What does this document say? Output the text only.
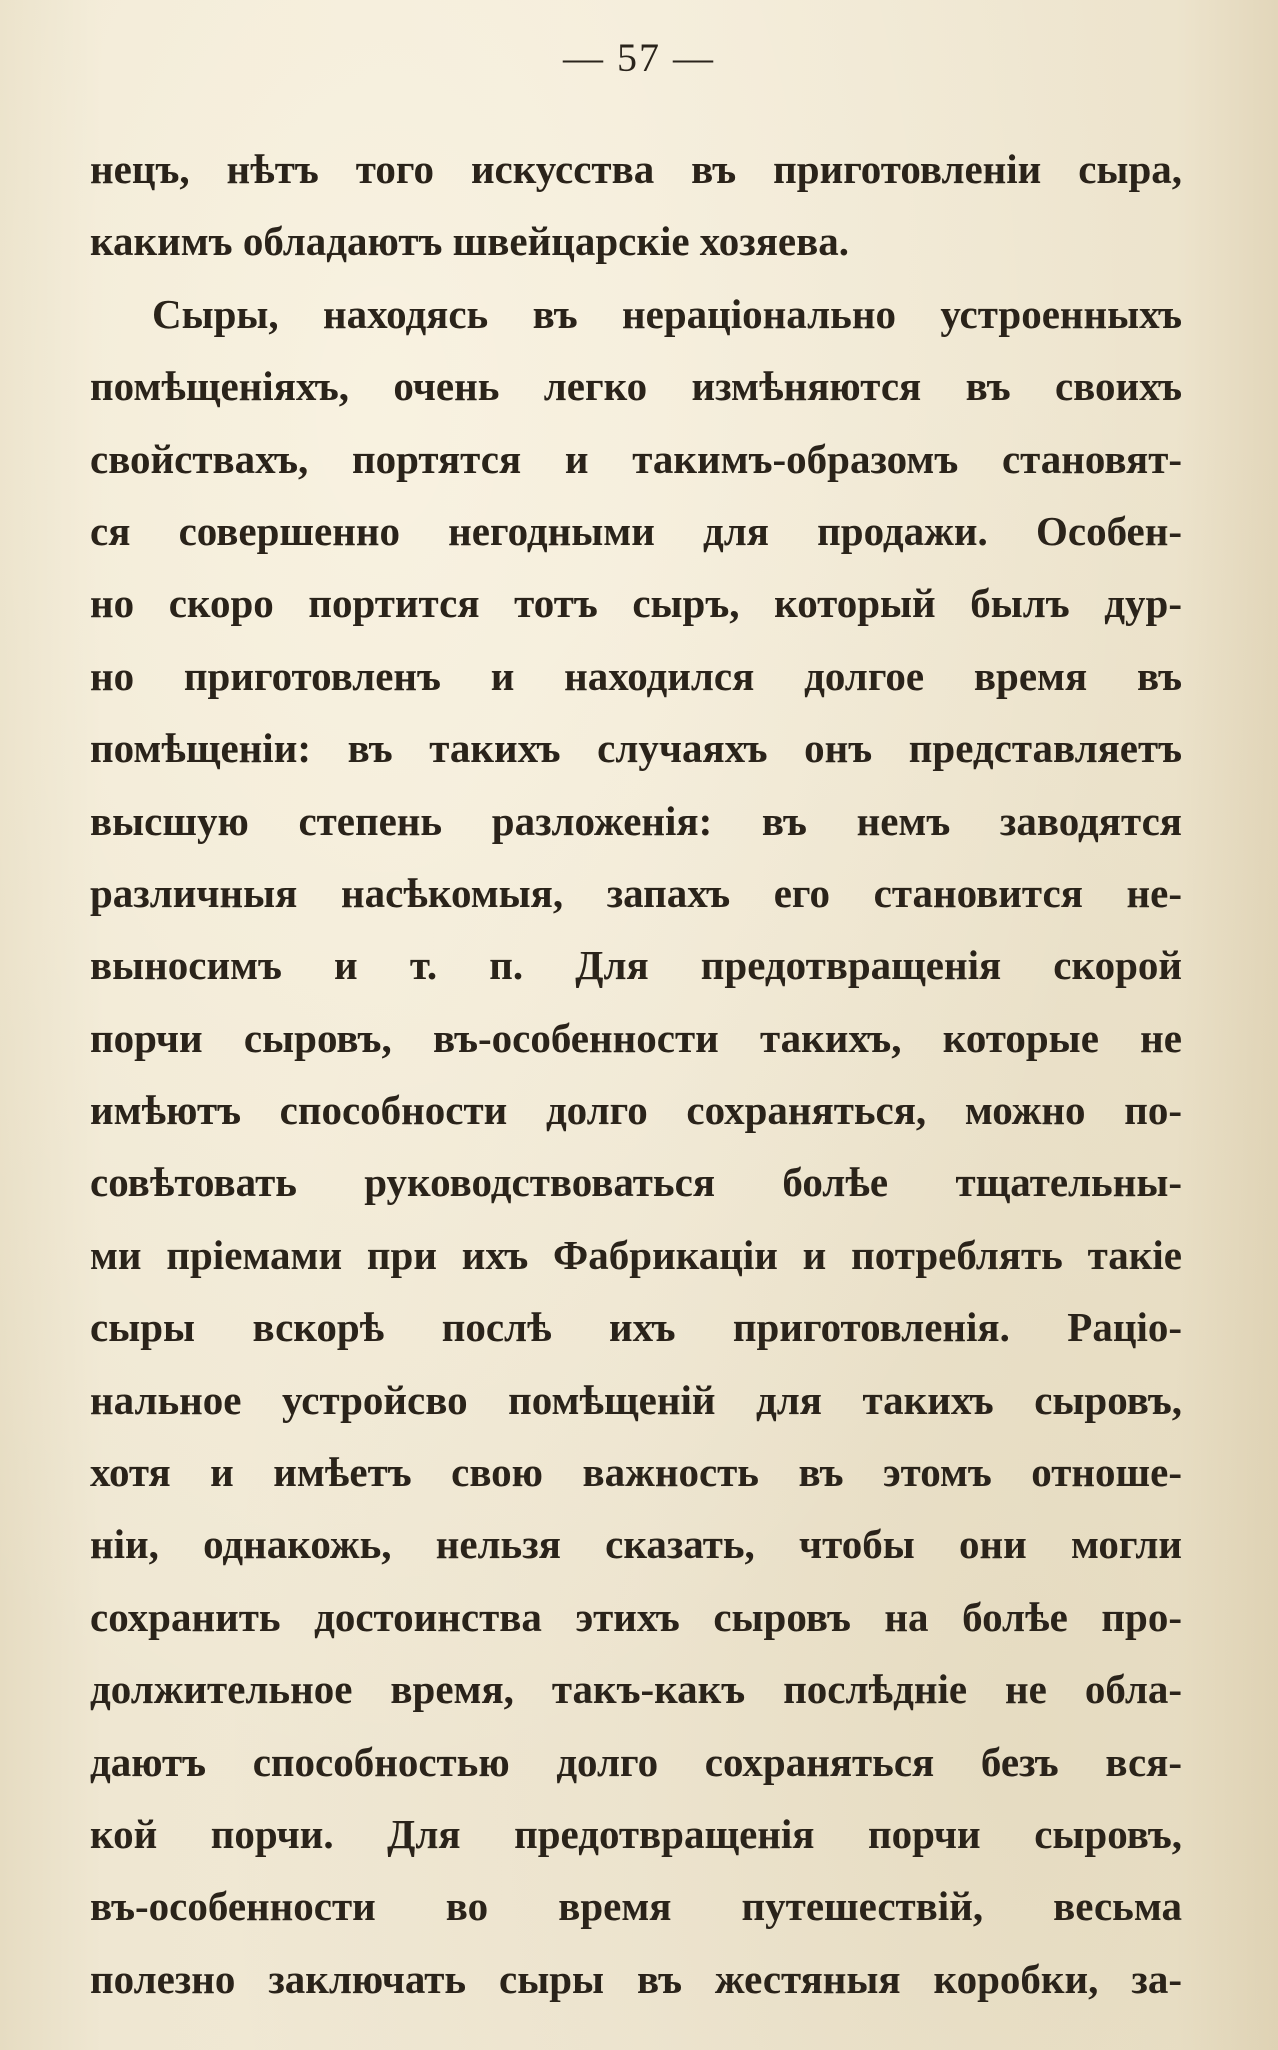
— 57 —
нецъ, нѣтъ того искусства въ приготовленіи сыра,
какимъ обладаютъ швейцарскіе хозяева.
Сыры, находясь въ нераціонально устроенныхъ
помѣщеніяхъ, очень легко измѣняются въ своихъ
свойствахъ, портятся и такимъ-образомъ становят-
ся совершенно негодными для продажи. Особен-
но скоро портится тотъ сыръ, который былъ дур-
но приготовленъ и находился долгое время въ
помѣщеніи: въ такихъ случаяхъ онъ представляетъ
высшую степень разложенія: въ немъ заводятся
различныя насѣкомыя, запахъ его становится не-
выносимъ и т. п. Для предотвращенія скорой
порчи сыровъ, въ-особенности такихъ, которые не
имѣютъ способности долго сохраняться, можно по-
совѣтовать руководствоваться болѣе тщательны-
ми пріемами при ихъ Фабрикаціи и потреблять такіе
сыры вскорѣ послѣ ихъ приготовленія. Раціо-
нальное устройсво помѣщеній для такихъ сыровъ,
хотя и имѣетъ свою важность въ этомъ отноше-
ніи, однакожь, нельзя сказать, чтобы они могли
сохранить достоинства этихъ сыровъ на болѣе про-
должительное время, такъ-какъ послѣдніе не обла-
даютъ способностью долго сохраняться безъ вся-
кой порчи. Для предотвращенія порчи сыровъ,
въ-особенности во время путешествій, весьма
полезно заключать сыры въ жестяныя коробки, за-
